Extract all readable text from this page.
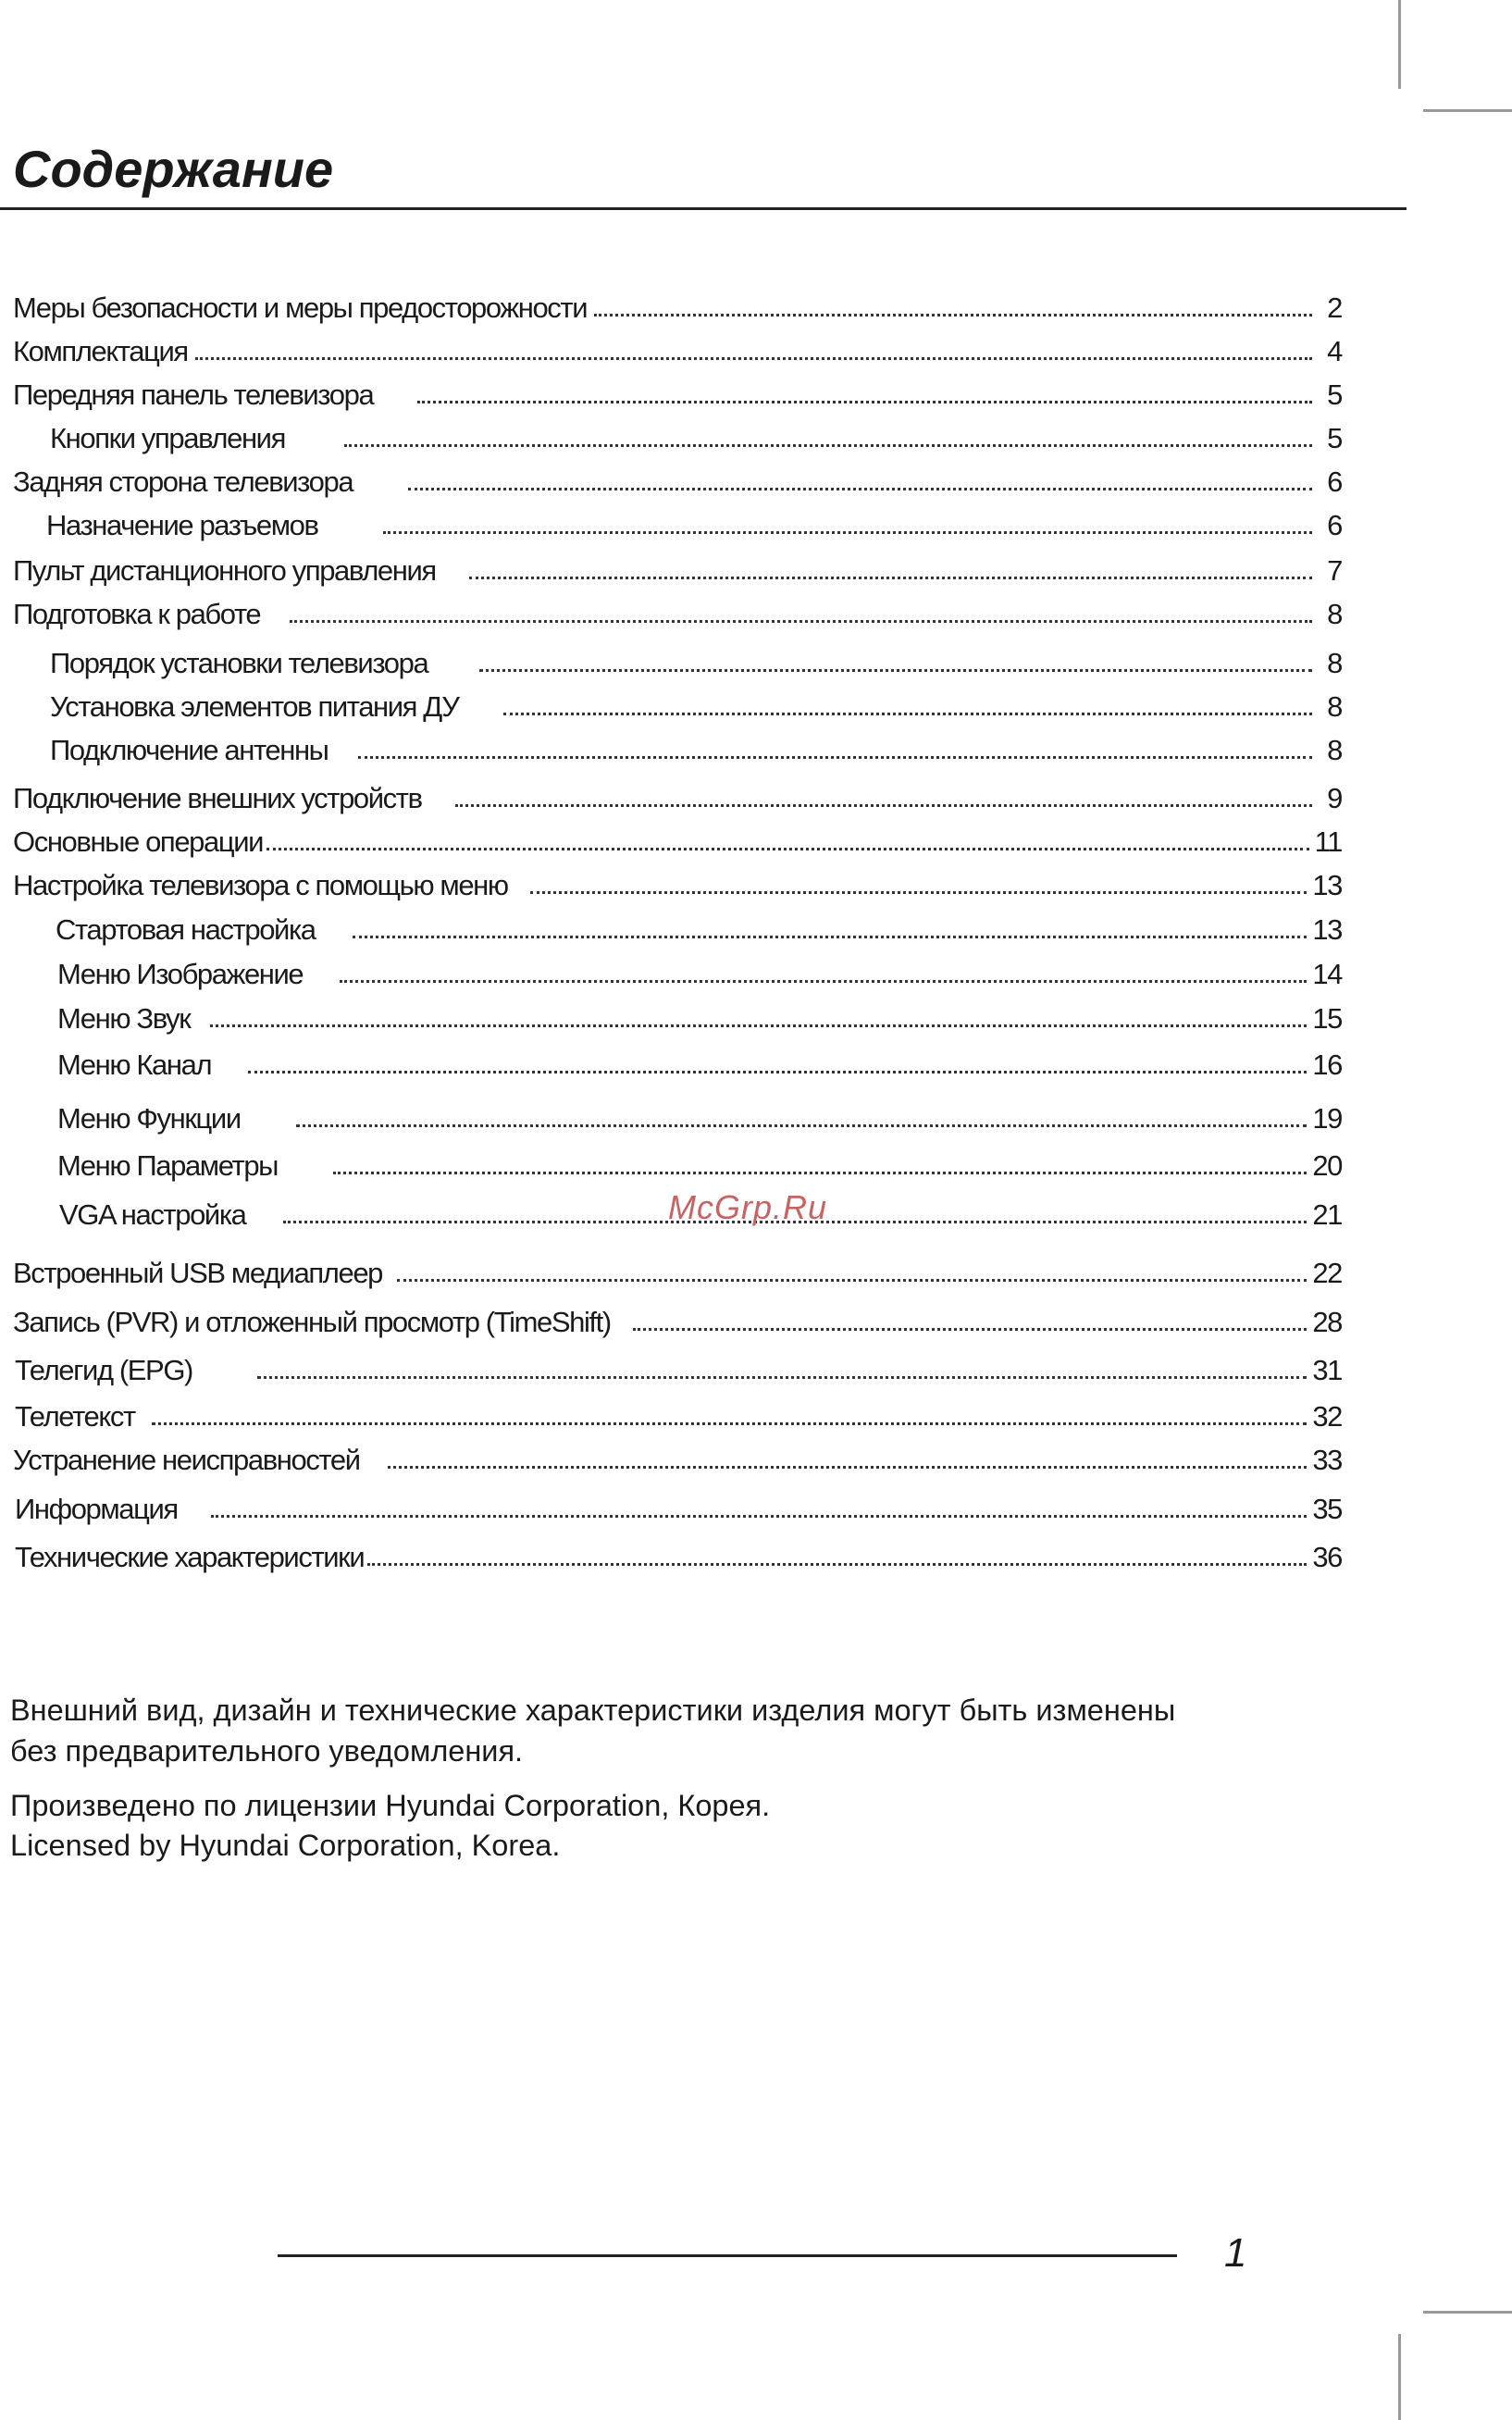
Содержание
Меры безопасности и меры предосторожности	2
Комплектация	4
Передняя панель телевизора	5
Кнопки управления	5
Задняя сторона телевизора	6
Назначение разъемов	6
Пульт дистанционного управления	7
Подготовка к работе	8
Порядок установки телевизора	8
Установка элементов питания ДУ	8
Подключение антенны	8
Подключение внешних устройств	9
Основные операции	11
Настройка телевизора с помощью меню	13
Стартовая настройка	13
Меню Изображение	14
Меню Звук	15
Меню Канал	16
Меню Функции	19
Меню Параметры	20
VGA настройка	21
Встроенный USB медиаплеер	22
Запись (PVR) и отложенный просмотр (TimeShift)	28
Телегид (EPG)	31
Телетекст	32
Устранение неисправностей	33
Информация	35
Технические характеристики	36
McGrp.Ru

Внешний вид, дизайн и технические характеристики изделия могут быть изменены

без предварительного уведомления.

Произведено по лицензии Hyundai Corporation, Корея.

Licensed by Hyundai Corporation, Korea.

1
